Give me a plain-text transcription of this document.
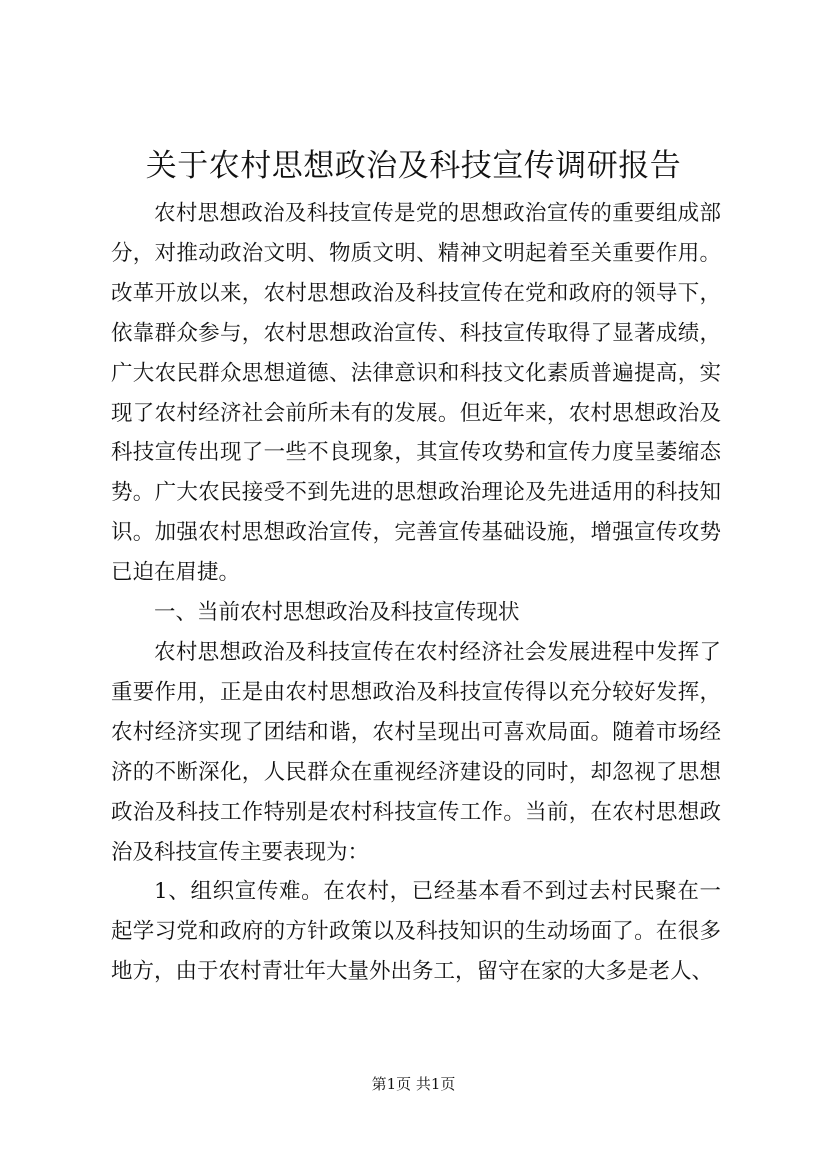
关于农村思想政治及科技宣传调研报告

农村思想政治及科技宣传是党的思想政治宣传的重要组成部分，对推动政治文明、物质文明、精神文明起着至关重要作用。改革开放以来，农村思想政治及科技宣传在党和政府的领导下，依靠群众参与，农村思想政治宣传、科技宣传取得了显著成绩，广大农民群众思想道德、法律意识和科技文化素质普遍提高，实现了农村经济社会前所未有的发展。但近年来，农村思想政治及科技宣传出现了一些不良现象，其宣传攻势和宣传力度呈萎缩态势。广大农民接受不到先进的思想政治理论及先进适用的科技知识。加强农村思想政治宣传，完善宣传基础设施，增强宣传攻势已迫在眉捷。

一、当前农村思想政治及科技宣传现状

农村思想政治及科技宣传在农村经济社会发展进程中发挥了重要作用，正是由农村思想政治及科技宣传得以充分较好发挥，农村经济实现了团结和谐，农村呈现出可喜欢局面。随着市场经济的不断深化，人民群众在重视经济建设的同时，却忽视了思想政治及科技工作特别是农村科技宣传工作。当前，在农村思想政治及科技宣传主要表现为：

1、组织宣传难。在农村，已经基本看不到过去村民聚在一起学习党和政府的方针政策以及科技知识的生动场面了。在很多地方，由于农村青壮年大量外出务工，留守在家的大多是老人、

第1页 共1页
